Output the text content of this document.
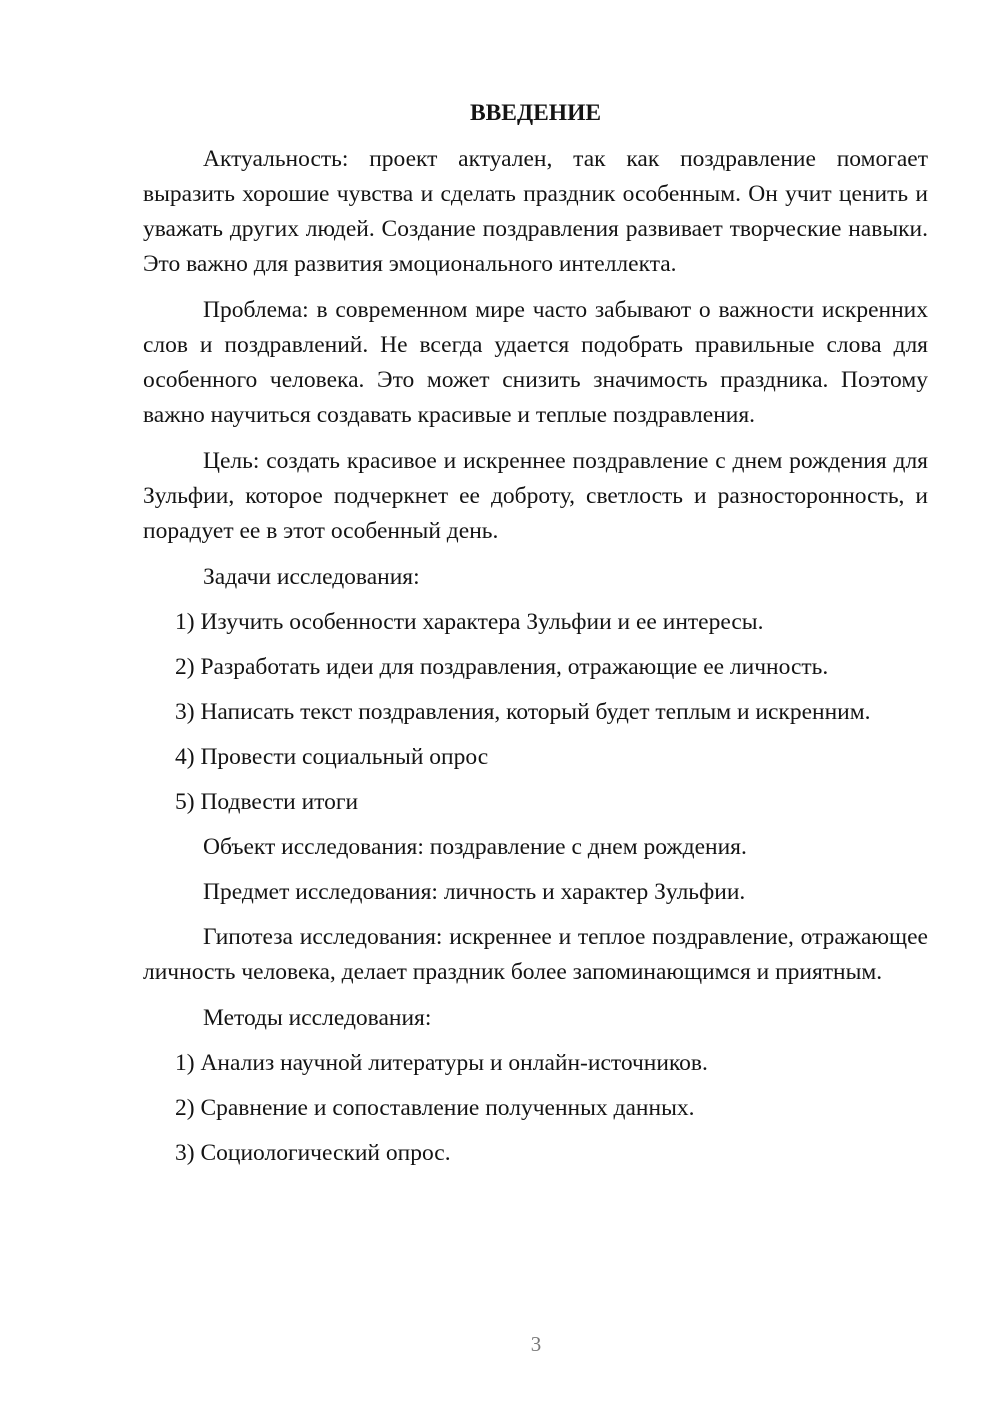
ВВЕДЕНИЕ

Актуальность: проект актуален, так как поздравление помогает выразить хорошие чувства и сделать праздник особенным. Он учит ценить и уважать других людей. Создание поздравления развивает творческие навыки. Это важно для развития эмоционального интеллекта.

Проблема: в современном мире часто забывают о важности искренних слов и поздравлений. Не всегда удается подобрать правильные слова для особенного человека. Это может снизить значимость праздника. Поэтому важно научиться создавать красивые и теплые поздравления.

Цель: создать красивое и искреннее поздравление с днем рождения для Зульфии, которое подчеркнет ее доброту, светлость и разносторонность, и порадует ее в этот особенный день.

Задачи исследования:
1) Изучить особенности характера Зульфии и ее интересы.
2) Разработать идеи для поздравления, отражающие ее личность.
3) Написать текст поздравления, который будет теплым и искренним.
4) Провести социальный опрос
5) Подвести итоги
Объект исследования: поздравление с днем рождения.
Предмет исследования: личность и характер Зульфии.

Гипотеза исследования: искреннее и теплое поздравление, отражающее личность человека, делает праздник более запоминающимся и приятным.

Методы исследования:
1) Анализ научной литературы и онлайн-источников.
2) Сравнение и сопоставление полученных данных.
3) Социологический опрос.
3
